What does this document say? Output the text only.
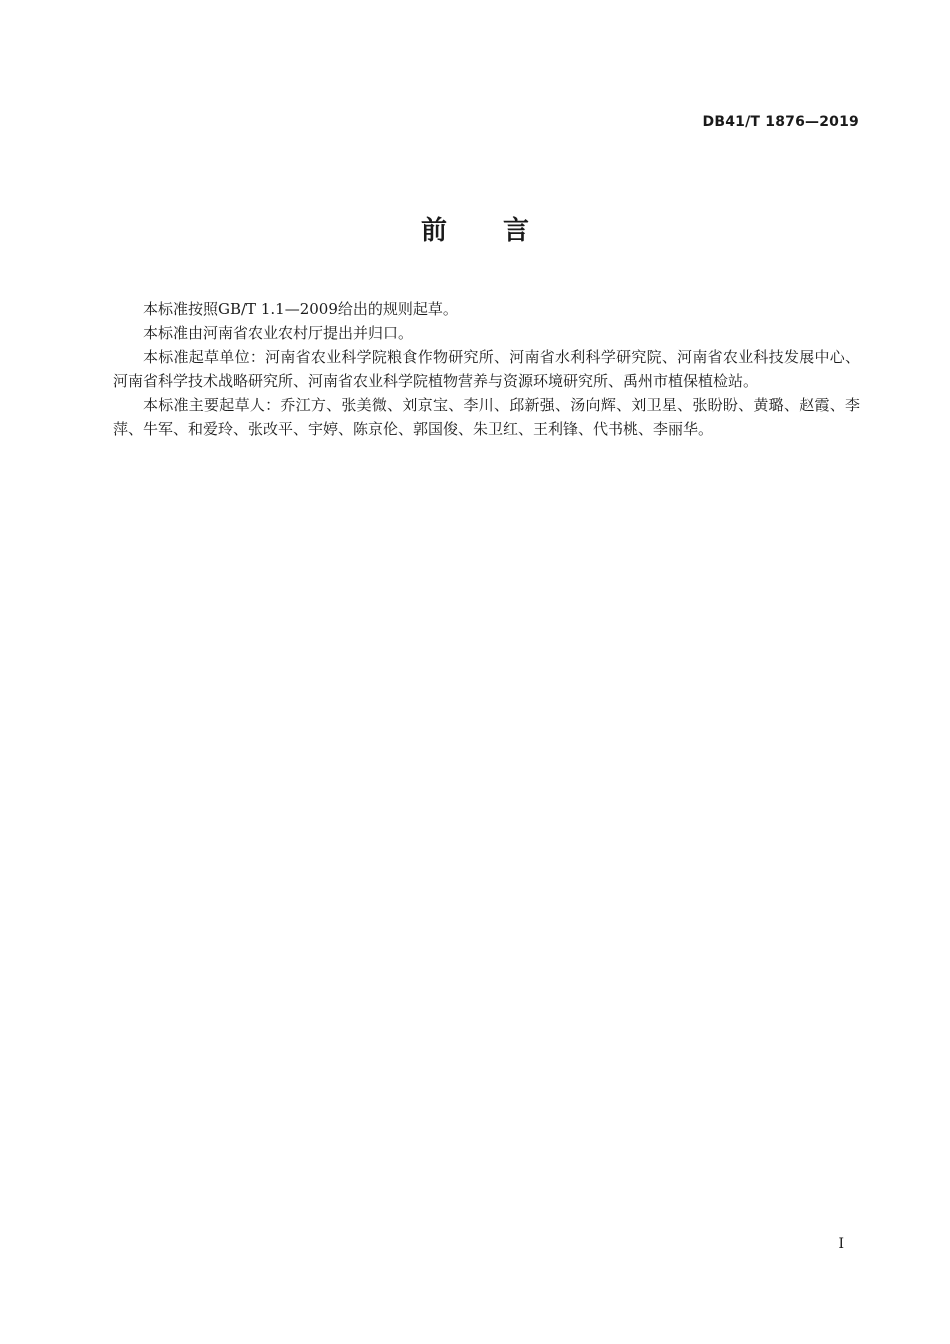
DB41/T 1876—2019
前言

本标准按照GB/T 1.1—2009给出的规则起草。

本标准由河南省农业农村厅提出并归口。

本标准起草单位：河南省农业科学院粮食作物研究所、河南省水利科学研究院、河南省农业科技发展中心、河南省科学技术战略研究所、河南省农业科学院植物营养与资源环境研究所、禹州市植保植检站。

本标准主要起草人：乔江方、张美微、刘京宝、李川、邱新强、汤向辉、刘卫星、张盼盼、黄璐、赵霞、李萍、牛军、和爱玲、张改平、宇婷、陈京伦、郭国俊、朱卫红、王利锋、代书桃、李丽华。

I
